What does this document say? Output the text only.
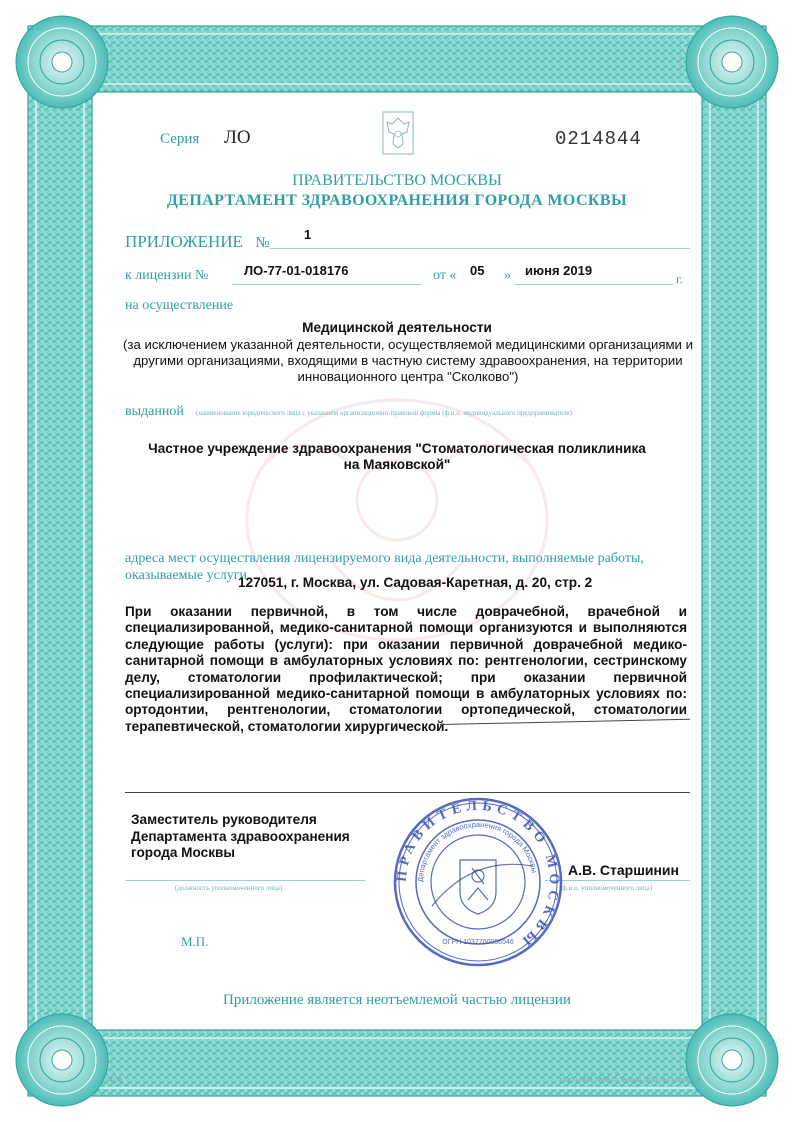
Серия ЛО	0214844
ПРАВИТЕЛЬСТВО МОСКВЫ
ДЕПАРТАМЕНТ ЗДРАВООХРАНЕНИЯ ГОРОДА МОСКВЫ
ПРИЛОЖЕНИЕ №
1
к лицензии №	ЛО-77-01-018176	от « 05 » июня 2019
г.
на осуществление
Медицинской деятельности
(за исключением указанной деятельности, осуществляемой медицинскими организациями и другими организациями, входящими в частную систему здравоохранения, на территории инновационного центра "Сколково")
выданной (наименование юридического лица с указанием организационно-правовой формы (ф.и.о. индивидуального предпринимателя)
Частное учреждение здравоохранения "Стоматологическая поликлиника на Маяковской"
адреса мест осуществления лицензируемого вида деятельности, выполняемые работы, оказываемые услуги
127051, г. Москва, ул. Садовая-Каретная, д. 20, стр. 2
При оказании первичной, в том числе доврачебной, врачебной и специализированной, медико-санитарной помощи организуются и выполняются следующие работы (услуги): при оказании первичной доврачебной медико-санитарной помощи в амбулаторных условиях по: рентгенологии, сестринскому делу, стоматологии профилактической; при оказании первичной специализированной медико-санитарной помощи в амбулаторных условиях по: ортодонтии, рентгенологии, стоматологии ортопедической, стоматологии терапевтической, стоматологии хирургической.
Заместитель руководителя Департамента здравоохранения города Москвы
(должность уполномоченного лица)
А.В. Старшинин
(ф.и.о. уполномоченного лица)
М.П.
ПРАВИТЕЛЬСТВО МОСКВЫ
Департамент здравоохранения города Москвы
ОГРН 1037700056546
Приложение является неотъемлемой частью лицензии
А4238	ООО «НПФ ТРИЛ», г. Москва, 2017 год, уровень В
